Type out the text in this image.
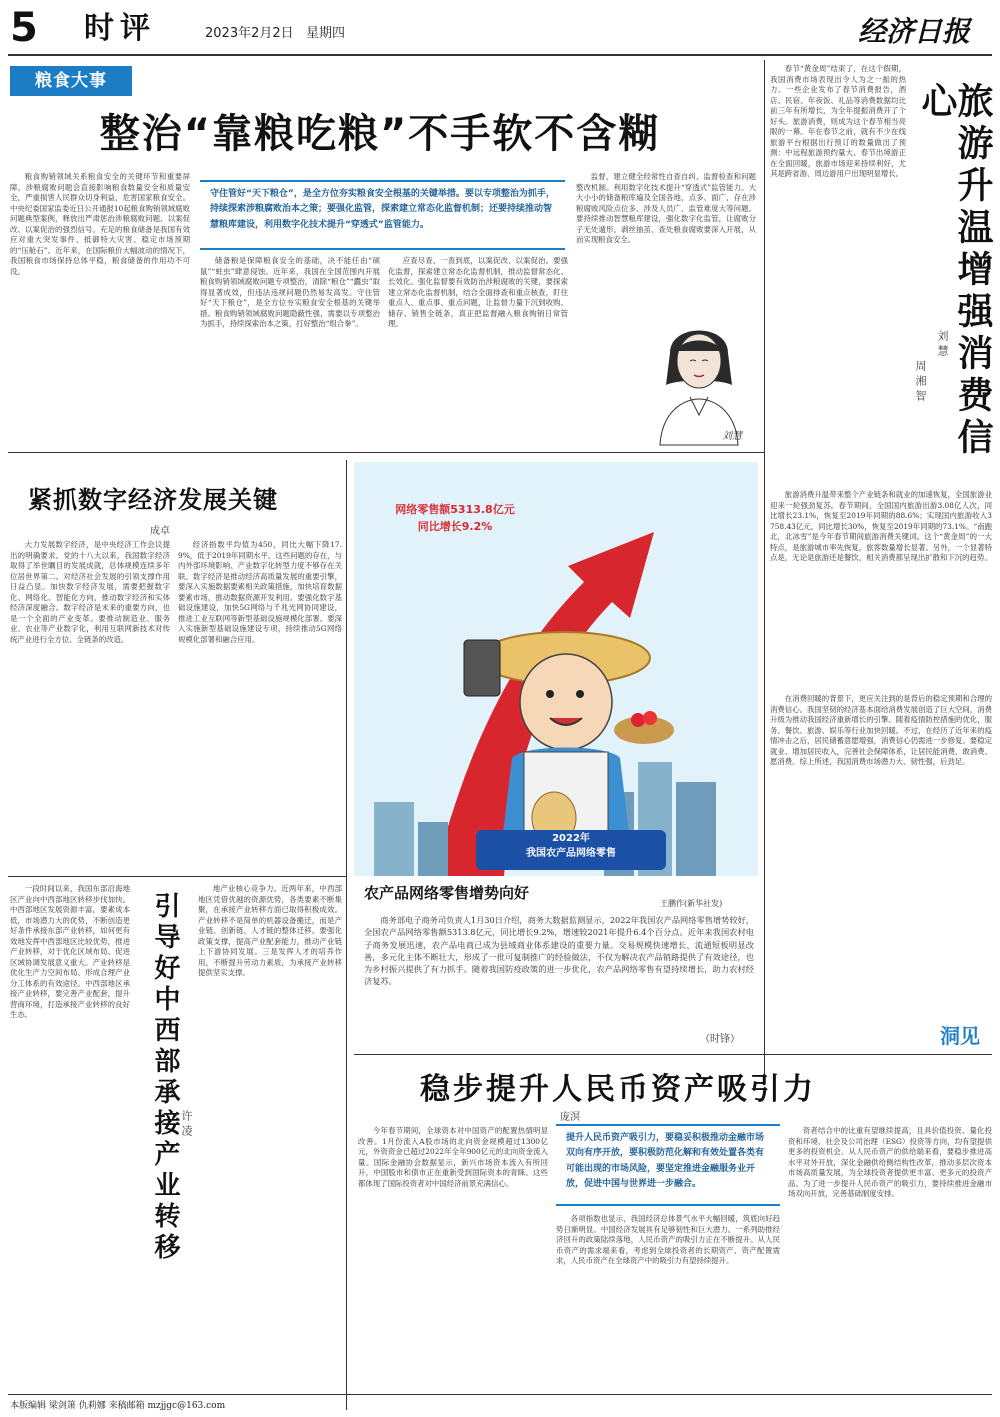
5 时评	2023年2月2日 星期四	经济日报
粮食大事
整治“靠粮吃粮”不手软不含糊

粮食购销领域关系粮食安全的关键环节和重要屏障，涉粮腐败问题会直接影响粮食数量安全和质量安全，严重损害人民群众切身利益，危害国家粮食安全。中央纪委国家监委近日公开通报10起粮食购销领域腐败问题典型案例，释放出严肃惩治涉粮腐败问题、以案促改、以案促治的强烈信号。充足的粮食储备是我国有效应对重大突发事件、抵御特大灾害、稳定市场预期的“压舱石”。近年来，在国际粮价大幅波动的情况下，我国粮食市场保持总体平稳，粮食储备的作用功不可没。

守住管好“天下粮仓”，是全方位夯实粮食安全根基的关键举措。要以专项整治为抓手，持续探索涉粮腐败治本之策；要强化监管，探索建立常态化监督机制；还要持续推动智慧粮库建设，利用数字化技术提升“穿透式”监管能力。

储备粮是保障粮食安全的基础，决不能任由“硕鼠”“蛀虫”肆意侵蚀。近年来，我国在全国范围内开展粮食购销领域腐败问题专项整治，清除“粮仓”“蠹虫”取得显著成效，但违法违规问题仍然易发高发。守住管好“天下粮仓”，是全方位夯实粮食安全根基的关键举措。粮食购销领域腐败问题隐蔽性强，需要以专项整治为抓手，持续探索治本之策，打好整治“组合拳”。

应查尽查、一查到底，以案促改、以案促治。要强化监督，探索建立常态化监督机制，推动监督常态化、长效化。强化监督要有效防治涉粮腐败的关键，要探索建立常态化监督机制，结合全面排查和重点核查，盯住重点人、重点事、重点问题，让监督力量下沉到收购、储存、销售全链条，真正把监督融入粮食购销日常管理。

监督，建立健全经常性自查自纠、监督检查和问题整改机制。利用数字化技术提升“穿透式”监管能力。大大小小的储备粮库遍及全国各地，点多、面广，存在涉粮腐败风险点位多、涉及人员广、监管难度大等问题。要持续推动智慧粮库建设，强化数字化监管，让腐败分子无处遁形。剥丝抽茧、查处粮食腐败要深入开展，从而实现粮食安全。

刘慧
刘慧	旅游升温增强消费信心
周湘智

春节“黄金周”结束了，在这个假期，我国消费市场表现出令人为之一振的热力。一些企业发布了春节消费报告，酒店、民宿、年夜饭、礼品等消费数据均比前三年有所增长，为全年提振消费开了个好头。旅游消费，则成为这个春节相当亮眼的一幕。年在春节之前，就有不少在线旅游平台根据出行预订的数量做出了预测：中远程旅游预约量大、春节出境游正在全面回暖，旅游市场迎来持续利好，尤其是跨省游、周边游用户出现明显增长。

旅游消费升温带来整个产业链条和就业的加速恢复，全国旅游业迎来一轮强劲复苏。春节期间，全国国内旅游出游3.08亿人次，同比增长23.1%，恢复至2019年同期的88.6%；实现国内旅游收入3758.43亿元，同比增长30%，恢复至2019年同期的73.1%。“南跑北，北冰雪”是今年春节期间旅游消费关键词。这个“黄金周”的一大特点，是旅游城市率先恢复，旅客数量增长显著。另外，一个显著特点是，无论是旅游还是餐饮，相关消费都呈现出扩散和下沉的趋势。

在消费回暖的背景下，更应关注到的是背后的稳定预期和合理的消费信心。我国坚韧的经济基本面给消费发展创造了巨大空间，消费升级为推动我国经济重新增长的引擎。随着疫情防控措施的优化，服务、餐饮、旅游、娱乐等行业加快回暖。不过，在经历了近年来的疫情冲击之后，居民储蓄意愿增强，消费信心仍需进一步修复。要稳定就业、增加居民收入，完善社会保障体系，让居民能消费、敢消费、愿消费。综上所述，我国消费市场潜力大、韧性强，后劲足。

洞见
紧抓数字经济发展关键
成卓

大力发展数字经济，是中央经济工作会议提出的明确要求。党的十八大以来，我国数字经济取得了举世瞩目的发展成就，总体规模连续多年位居世界第二。对经济社会发展的引领支撑作用日益凸显。加快数字经济发展，需要把握数字化、网络化、智能化方向，推动数字经济和实体经济深度融合。数字经济是未来的重要方向，也是一个全面的产业变革。要推动制造业、服务业、农业等产业数字化，利用互联网新技术对传统产业进行全方位、全链条的改造。

经济指数平均值为450，同比大幅下降17.9%，低于2019年同期水平。这些问题的存在，与内外部环境影响、产业数字化转型力度不够存在关联。数字经济是推动经济高质量发展的重要引擎，要深入实施数据要素相关政策措施，加快培育数据要素市场，推动数据资源开发利用。要强化数字基础设施建设，加快5G网络与千兆光网协同建设，推进工业互联网等新型基础设施规模化部署。要深入实施新型基础设施建设专项，持续推动5G网络规模化部署和融合应用。

网络零售额5313.8亿元
同比增长9.2%
2022年
我国农产品网络零售
农产品网络零售增势向好
王鹏作(新华社发)

商务部电子商务司负责人1月30日介绍，商务大数据监测显示，2022年我国农产品网络零售增势较好，全国农产品网络零售额5313.8亿元，同比增长9.2%，增速较2021年提升6.4个百分点。近年来我国农村电子商务发展迅速，农产品电商已成为县域商业体系建设的重要力量。交易规模快速增长、流通短板明显改善，多元化主体不断壮大，形成了一批可复制推广的经验做法，不仅为解决农产品销路提供了有效途径，也为乡村振兴提供了有力抓手。随着我国防疫政策的进一步优化，农产品网络零售有望持续增长，助力农村经济复苏。

（时锋）

一段时间以来，我国东部沿海地区产业向中西部地区转移步伐加快。中西部地区发展资源丰富，要素成本低，市场潜力大的优势，不断创造更好条件承接东部产业转移，如何更有效地发挥中西部地区比较优势，推进产业转移，对于优化区域布局、促进区域协调发展意义重大。产业转移是优化生产力空间布局、形成合理产业分工体系的有效途径。中西部地区承接产业转移，要完善产业配套，提升营商环境，打造承接产业转移的良好生态。	引导好中西部承接产业转移 许凌

地产业核心竞争力。近两年来，中西部地区凭借优越的资源优势，各类要素不断集聚，在承接产业转移方面已取得积极成效。产业转移不是简单的机器设备搬迁，而是产业链、创新链、人才链的整体迁移。要强化政策支撑，提高产业配套能力，推动产业链上下游协同发展。三是发挥人才的培养作用，不断提升劳动力素质，为承接产业转移提供坚实支撑。

稳步提升人民币资产吸引力
庞溟

今年春节期间，全球资本对中国资产的配置热情明显改善。1月份流入A股市场的北向资金规模超过1300亿元，外资资金已超过2022年全年900亿元的北向资金流入量。国际金融协会数据显示，新兴市场资本流入有所回升，中国股市和债市正在重新受到国际资本的青睐。这些都体现了国际投资者对中国经济前景充满信心。

提升人民币资产吸引力，要稳妥积极推动金融市场双向有序开放，要积极防范化解和有效处置各类有可能出现的市场风险，要坚定推进金融服务业开放，促进中国与世界进一步融合。

各项指数也显示，我国经济总体景气水平大幅回暖，筑底向好趋势日渐明显。中国经济发展具有足够韧性和巨大潜力。一系列助推经济回升的政策陆续落地，人民币资产的吸引力正在不断提升。从人民币资产的需求端来看，考虑到全球投资者的长期资产、资产配置需求，人民币资产在全球资产中的吸引力有望持续提升。

资者结合中的比重有望继续提高，且具价值投资、量化投资和环境、社会及公司治理（ESG）投资等方向，均有望提供更多的投资机会。从人民币资产的供给端来看，要稳步推进高水平对外开放，深化金融供给侧结构性改革，推动多层次资本市场高质量发展，为全球投资者提供更丰富、更多元的投资产品。为了进一步提升人民币资产的吸引力，要持续推进金融市场双向开放，完善基础制度安排。

本版编辑 梁剑箫 仇莉娜 来稿邮箱 mzjjgc@163.com
